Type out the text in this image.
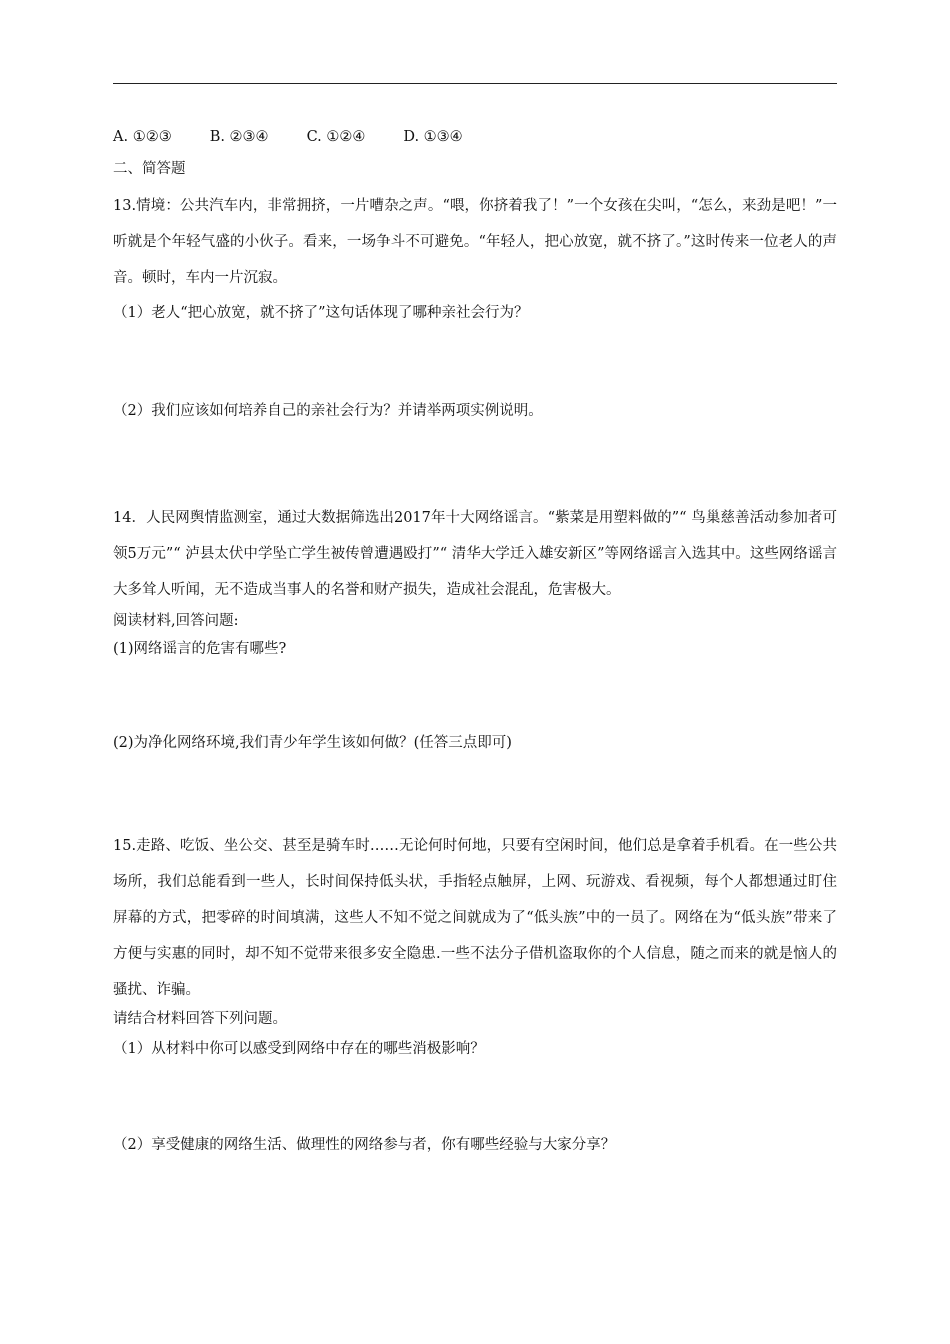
A. ①②③	B. ②③④	C. ①②④	D. ①③④
二、简答题
13.情境：公共汽车内，非常拥挤，一片嘈杂之声。“喂，你挤着我了！”一个女孩在尖叫，“怎么，来劲是吧！”一听就是个年轻气盛的小伙子。看来，一场争斗不可避免。“年轻人，把心放宽，就不挤了。”这时传来一位老人的声音。顿时，车内一片沉寂。
（1）老人“把心放宽，就不挤了”这句话体现了哪种亲社会行为？
（2）我们应该如何培养自己的亲社会行为？并请举两项实例说明。
14．人民网舆情监测室，通过大数据筛选出2017年十大网络谣言。“紫菜是用塑料做的”“ 鸟巢慈善活动参加者可领5万元”“ 泸县太伏中学坠亡学生被传曾遭遇殴打”“ 清华大学迁入雄安新区”等网络谣言入选其中。这些网络谣言大多耸人听闻，无不造成当事人的名誉和财产损失，造成社会混乱，危害极大。
阅读材料,回答问题:
(1)网络谣言的危害有哪些?
(2)为净化网络环境,我们青少年学生该如何做？(任答三点即可)
15.走路、吃饭、坐公交、甚至是骑车时……无论何时何地，只要有空闲时间，他们总是拿着手机看。在一些公共场所，我们总能看到一些人，长时间保持低头状，手指轻点触屏，上网、玩游戏、看视频，每个人都想通过盯住屏幕的方式，把零碎的时间填满，这些人不知不觉之间就成为了“低头族”中的一员了。网络在为“低头族”带来了方便与实惠的同时，却不知不觉带来很多安全隐患.一些不法分子借机盗取你的个人信息，随之而来的就是恼人的骚扰、诈骗。
请结合材料回答下列问题。
（1）从材料中你可以感受到网络中存在的哪些消极影响？
（2）享受健康的网络生活、做理性的网络参与者，你有哪些经验与大家分享？
